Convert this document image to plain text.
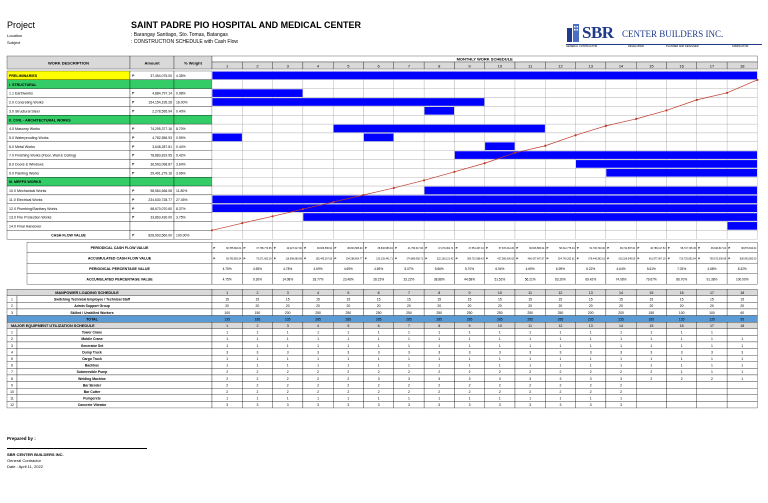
Project	SAINT PADRE PIO HOSPITAL AND MEDICAL CENTER
Location	: Barangay Santiago, Sto. Tomas, Batangas
Subject	: CONSTRUCTION SCHEDULE with Cash Flow	SBR CENTER BUILDERS INC.
GENERAL CONTRACTOR	DEVELOPER	PLANNER AND DESIGNER	FABRICATOR
WORK DESCRIPTION	Amount	% Weight
MONTHLY WORK SCHEDULE
1	2	3	4	5	6	7	8	9	10	11	12	13	14	15	16	17	18
PRELIMINARIES	₱	37,494,075.00 4.35%
I. STRUCTURAL
1.1 Earthworks	₱	4,884,797.14 0.98%
2.0 Concreting Works	₱	154,154,195.28 18.00%
3.0 Structural Steel	₱	2,278,595.94 0.40%
II. CIVIL - ARCHITECTURAL WORKS
4.0 Masonry Works	₱	74,295,377.16 8.70%
5.0 Waterproofing Works	₱	4,782,556.93 0.59%
6.0 Metal Works	₱	3,648,287.81 0.44%
7.0 Finishing Works (Floor, Wall & Ceiling)	₱	78,883,819.95 9.42%
8.0 Doors & Windows	₱	36,593,098.87 3.64%
9.0 Painting Works	₱	29,491,279.16 3.96%
III. MEPFS WORKS
10.0 Mechanical Works	₱	98,564,466.08 11.80%
11.0 Electrical Works	₱	234,630,728.77 27.45%
12.0 Plumbing/Sanitary Works	₱	68,670,070.60 8.37%
13.0 Fire Protection Works	₱	33,863,430.00 3.75%
14.0 Final Handover
CASH FLOW VALUE	₱	828,993,560.00 100.00%
PERIODICAL CASH FLOW VALUE	₱	38,785,892.64 ₱	37,785,770.65 ₱	40,027,017.60 ₱	38,846,586.94 ₱	38,843,586.94 ₱	38,846,586.94 ₱	41,750,617.00 ₱	47,270,062.71 ₱	47,554,467.01 ₱	57,870,312.20 ₱	38,846,586.94 ₱	58,312,775.04 ₱	51,706,700.00 ₱	38,742,587.04 ₱	46,788,417.54 ₱	58,747,725.45 ₱	38,946,817.04 ₱	38,876,810.04
ACCUMULATED CASH FLOW VALUE	₱	38,785,892.64 ₱	76,571,663.29 ₱	116,598,680.89 ₱	155,445,267.83 ₱	194,288,854.77 ₱	233,135,441.71 ₱	274,886,058.71 ₱	322,156,121.42 ₱	369,710,588.43 ₱	427,580,900.63 ₱	466,427,487.57 ₱	524,740,262.61 ₱	576,446,962.61 ₱	615,189,549.65 ₱	661,977,967.19 ₱	720,725,692.64 ₱	759,672,509.68 ₱	828,993,560.00
PERIODICAL PERCENTAGE VALUE	4.75%	4.55%	4.78%	4.69%	4.69%	4.69%	5.07%	5.66%	5.70%	6.94%	4.69%	6.99%	6.22%	4.64%	5.61%	7.03%	4.68%	8.32%
ACCUMULATED PERCENTAGE VALUE	4.75%	9.30%	14.08%	18.77%	23.46%	28.15%	33.22%	38.88%	44.58%	51.52%	56.21%	63.20%	69.42%	74.06%	79.67%	86.70%	91.38%	100.00%
MANPOWER LOADING SCHEDULE	1	2	3	4	5	6	7	8	9	10	11	12	13	14	15	16	17	18
1	Switching Technical Employee / Technical Staff	15	15	15	15	15	15	15	15	15	15	15	15	15	15	15	15	15	15
2	Admin Support Group	20	20	20	20	20	20	20	20	20	20	20	20	20	20	20	20	20	20
3	Skilled / Unskilled Workers	100	150	200	250	250	250	250	250	250	250	250	250	200	200	150	100	100	60
TOTAL	135	185	235	285	285	285	285	285	285	285	285	285	235	235	185	135	135	95
MAJOR EQUIPMENT UTILIZATION SCHEDULE	1	2	3	4	5	6	7	8	9	10	11	12	13	14	15	16	17	18
1	Tower Crane	1	1	1	1	1	1	1	1	1	1	1	1	1	1	1	1	1
2	Mobile Crane	1	1	1	1	1	1	1	1	1	1	1	1	1	1	1	1	1	1
3	Generator Set	1	1	1	1	1	1	1	1	1	1	1	1	1	1	1	1	1	1
4	Dump Truck	3	3	3	3	3	3	3	3	3	3	3	3	3	3	3	3	3	3
5	Cargo Truck	1	1	1	1	1	1	1	1	1	1	1	1	1	1	1	1	1	1
6	Backhoe	1	1	1	1	1	1	1	1	1	1	1	1	1	1	1	1	1	1
7	Submersible Pump	2	2	2	2	2	2	2	2	2	2	2	2	2	2	2	1	1	1
8	Welding Machine	2	2	2	2	2	3	3	3	3	3	3	3	3	3	2	2	2	1
9	Bar Bender	2	2	2	2	2	2	2	2	2	2	2	2	2	2
10	Bar Cutter	2	2	2	2	2	2	2	2	2	2	2	2	2	2
11	Pumpcrete	1	1	1	1	1	1	1	1	1	1	1	1	1	1
12	Concrete Vibrator	3	3	3	3	3	3	3	3	3	3	3	3	3	3
Prepared by :
SBR CENTER BUILDERS INC.
General Contractor
Date : April 11, 2022
